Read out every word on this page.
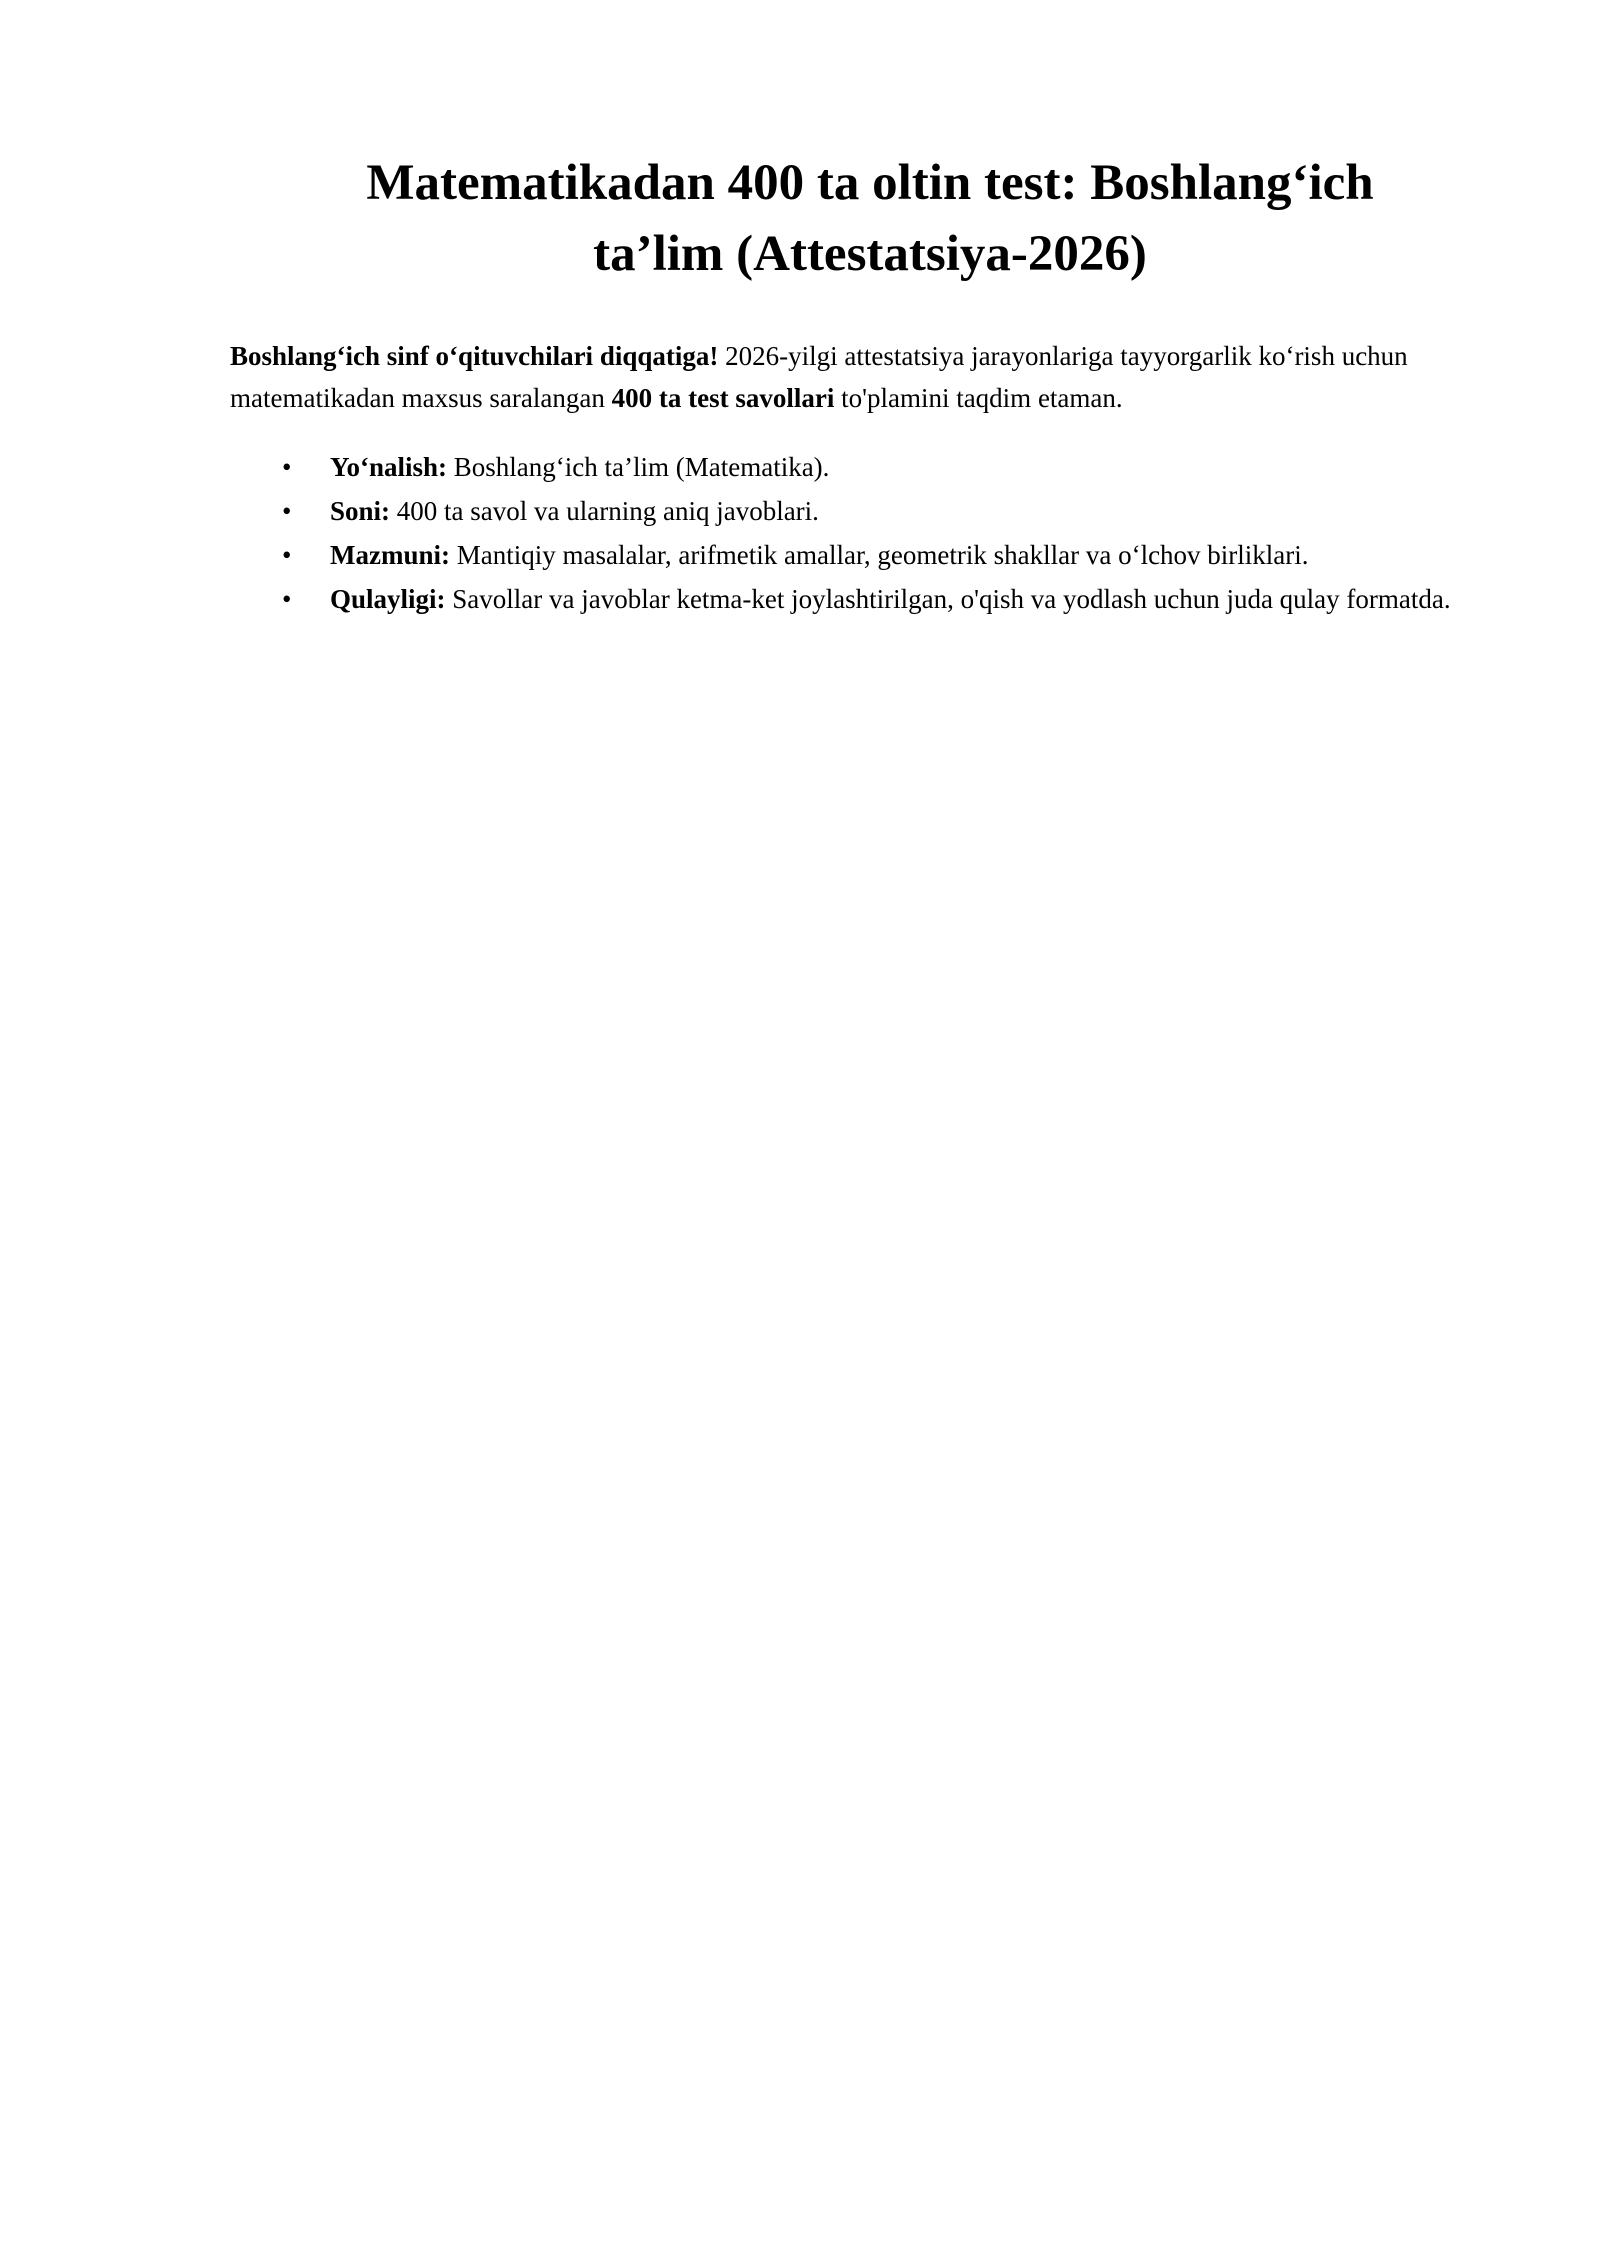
Matematikadan 400 ta oltin test: Boshlang‘ich
ta’lim (Attestatsiya-2026)

Boshlang‘ich sinf o‘qituvchilari diqqatiga! 2026-yilgi attestatsiya jarayonlariga tayyorgarlik ko‘rish uchun matematikadan maxsus saralangan 400 ta test savollari to'plamini taqdim etaman.

• Yo‘nalish: Boshlang‘ich ta’lim (Matematika).
• Soni: 400 ta savol va ularning aniq javoblari.
• Mazmuni: Mantiqiy masalalar, arifmetik amallar, geometrik shakllar va o‘lchov birliklari.
• Qulayligi: Savollar va javoblar ketma-ket joylashtirilgan, o'qish va yodlash uchun juda qulay formatda.
